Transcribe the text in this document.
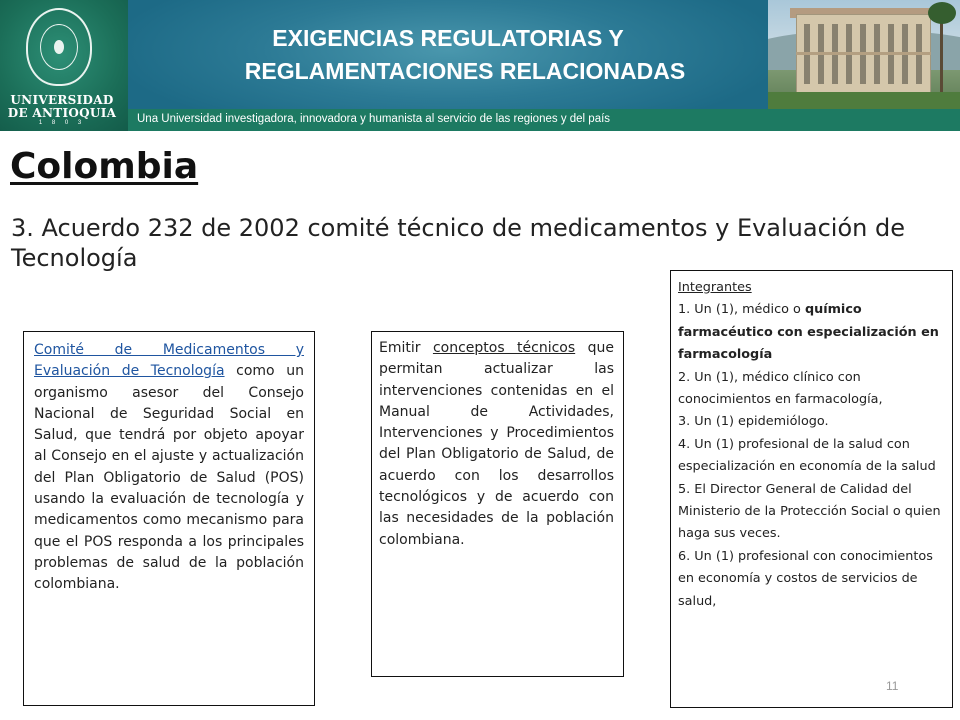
UNIVERSIDAD
DE ANTIOQUIA
1 8 0 3
EXIGENCIAS REGULATORIAS Y
REGLAMENTACIONES RELACIONADAS
Una Universidad investigadora, innovadora y humanista al servicio de las regiones y del país
Colombia
3. Acuerdo 232 de 2002 comité técnico de medicamentos y Evaluación de Tecnología
Comité de Medicamentos y Evaluación de Tecnología como un organismo asesor del Consejo Nacional de Seguridad Social en Salud, que tendrá por objeto apoyar al Consejo en el ajuste y actualización del Plan Obligatorio de Salud (POS) usando la evaluación de tecnología y medicamentos como mecanismo para que el POS responda a los principales problemas de salud de la población colombiana.
Emitir conceptos técnicos que permitan actualizar las intervenciones contenidas en el Manual de Actividades, Intervenciones y Procedimientos del Plan Obligatorio de Salud, de acuerdo con los desarrollos tecnológicos y de acuerdo con las necesidades de la población colombiana.
Integrantes
1. Un (1), médico o químico farmacéutico con especialización en farmacología
2. Un (1), médico clínico con conocimientos en farmacología,
3. Un (1) epidemiólogo.
4. Un (1) profesional de la salud con especialización en economía de la salud
5. El Director General de Calidad del Ministerio de la Protección Social o quien haga sus veces.
6. Un (1) profesional con conocimientos en economía y costos de servicios de salud,
11
